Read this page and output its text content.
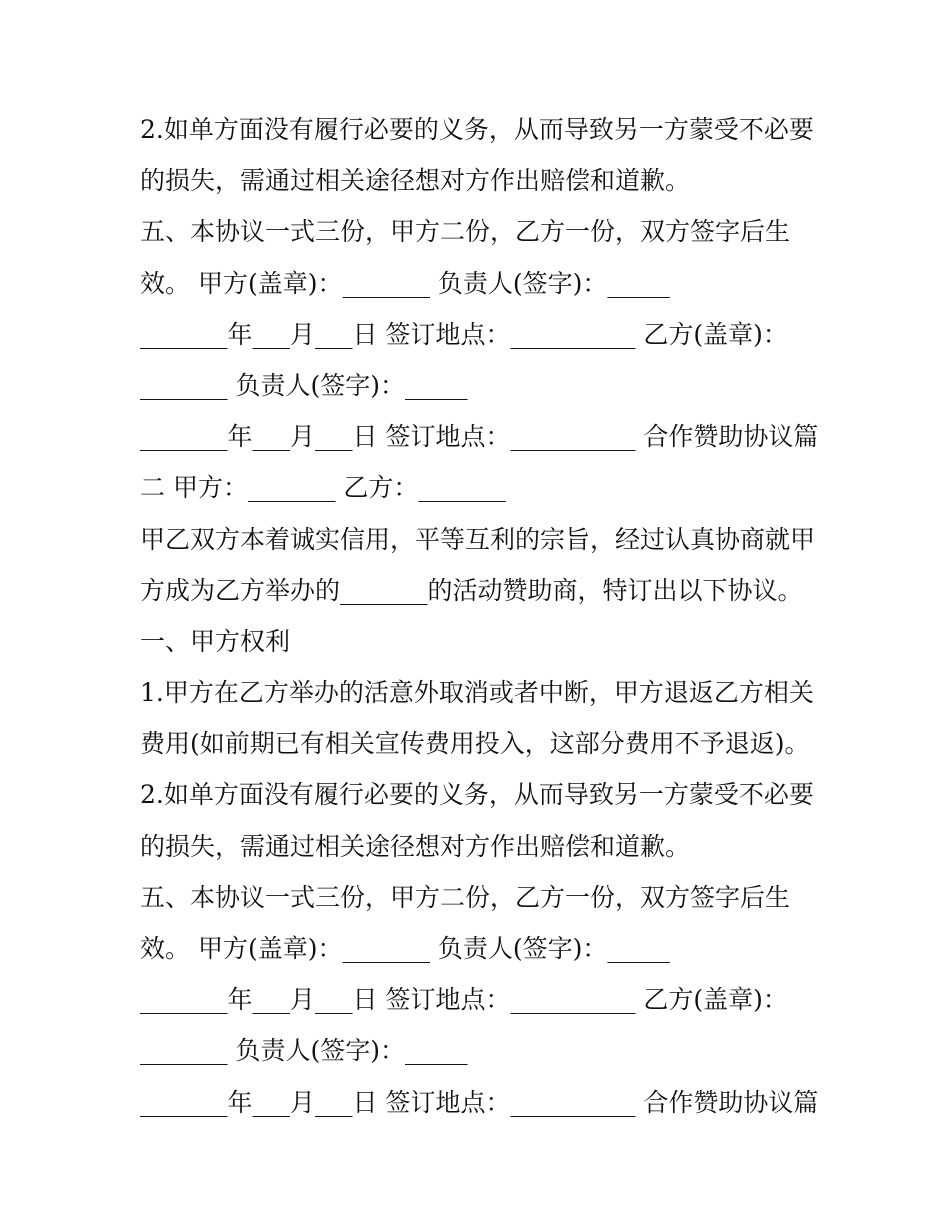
2.如单方面没有履行必要的义务，从而导致另一方蒙受不必要
的损失，需通过相关途径想对方作出赔偿和道歉。
五、本协议一式三份，甲方二份，乙方一份，双方签字后生
效。 甲方(盖章)：_______ 负责人(签字)：_____
_______年___月___日 签订地点：__________ 乙方(盖章)：
_______ 负责人(签字)：_____
_______年___月___日 签订地点：__________ 合作赞助协议篇
二 甲方：_______ 乙方：_______
甲乙双方本着诚实信用，平等互利的宗旨，经过认真协商就甲
方成为乙方举办的_______的活动赞助商，特订出以下协议。
一、甲方权利
1.甲方在乙方举办的活意外取消或者中断，甲方退返乙方相关
费用(如前期已有相关宣传费用投入，这部分费用不予退返)。
2.如单方面没有履行必要的义务，从而导致另一方蒙受不必要
的损失，需通过相关途径想对方作出赔偿和道歉。
五、本协议一式三份，甲方二份，乙方一份，双方签字后生
效。 甲方(盖章)：_______ 负责人(签字)：_____
_______年___月___日 签订地点：__________ 乙方(盖章)：
_______ 负责人(签字)：_____
_______年___月___日 签订地点：__________ 合作赞助协议篇
